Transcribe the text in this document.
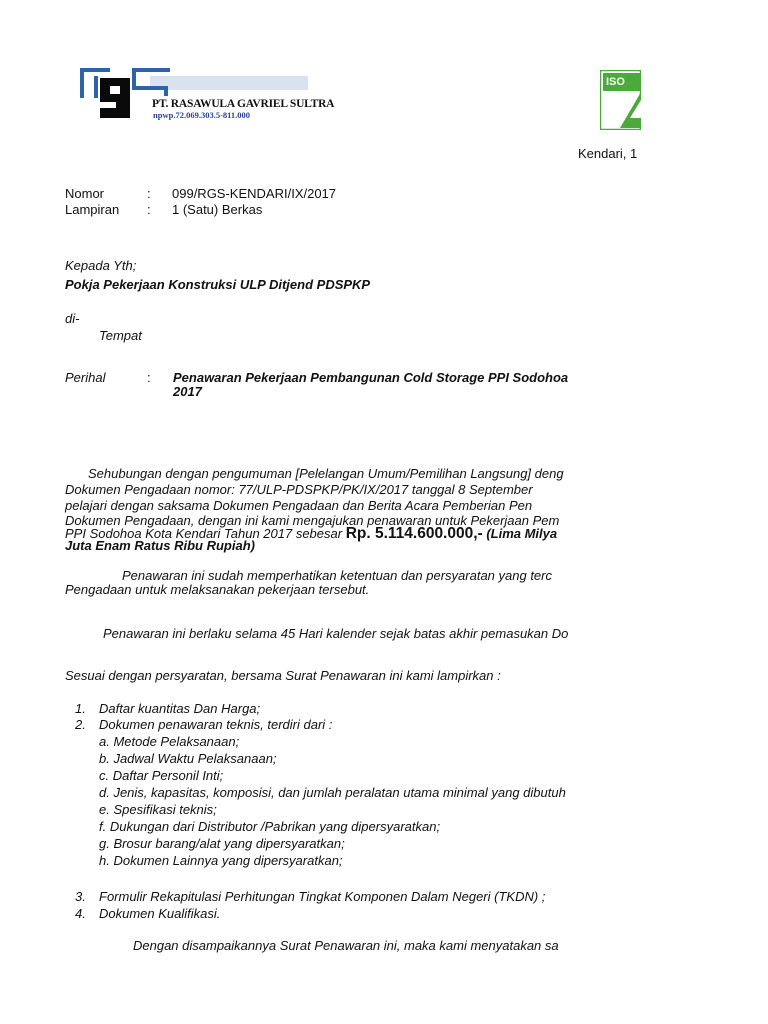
PT. RASAWULA GAVRIEL SULTRA
npwp.72.069.303.5-811.000
ISO
Kendari, 1
Nomor	: 099/RGS-KENDARI/IX/2017
Lampiran : 1 (Satu) Berkas
Kepada Yth;
Pokja Pekerjaan Konstruksi ULP Ditjend PDSPKP
di-
Tempat
Perihal	: Penawaran Pekerjaan Pembangunan Cold Storage PPI Sodohoa
2017
Sehubungan dengan pengumuman [Pelelangan Umum/Pemilihan Langsung] deng
Dokumen Pengadaan nomor: 77/ULP-PDSPKP/PK/IX/2017 tanggal 8 September
pelajari dengan saksama Dokumen Pengadaan dan Berita Acara Pemberian Pen
Dokumen Pengadaan, dengan ini kami mengajukan penawaran untuk Pekerjaan Pem
PPI Sodohoa Kota Kendari Tahun 2017 sebesar Rp. 5.114.600.000,- (Lima Milya
Juta Enam Ratus Ribu Rupiah)
Penawaran ini sudah memperhatikan ketentuan dan persyaratan yang terc
Pengadaan untuk melaksanakan pekerjaan tersebut.
Penawaran ini berlaku selama 45 Hari kalender sejak batas akhir pemasukan Do
Sesuai dengan persyaratan, bersama Surat Penawaran ini kami lampirkan :
1. Daftar kuantitas Dan Harga;
2. Dokumen penawaran teknis, terdiri dari :
a. Metode Pelaksanaan;
b. Jadwal Waktu Pelaksanaan;
c. Daftar Personil Inti;
d. Jenis, kapasitas, komposisi, dan jumlah peralatan utama minimal yang dibutuh
e. Spesifikasi teknis;
f. Dukungan dari Distributor /Pabrikan yang dipersyaratkan;
g. Brosur barang/alat yang dipersyaratkan;
h. Dokumen Lainnya yang dipersyaratkan;
3. Formulir Rekapitulasi Perhitungan Tingkat Komponen Dalam Negeri (TKDN) ;
4. Dokumen Kualifikasi.
Dengan disampaikannya Surat Penawaran ini, maka kami menyatakan sa
